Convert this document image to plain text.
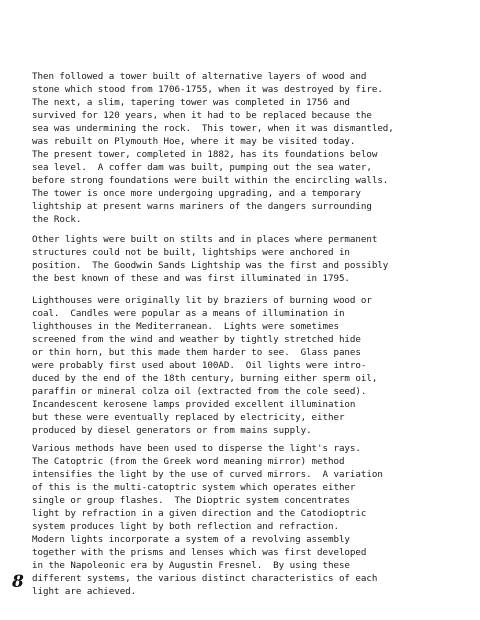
Then followed a tower built of alternative layers of wood and
stone which stood from 1706-1755, when it was destroyed by fire.
The next, a slim, tapering tower was completed in 1756 and
survived for 120 years, when it had to be replaced because the
sea was undermining the rock.  This tower, when it was dismantled,
was rebuilt on Plymouth Hoe, where it may be visited today.
The present tower, completed in 1882, has its foundations below
sea level.  A coffer dam was built, pumping out the sea water,
before strong foundations were built within the encircling walls.
The tower is once more undergoing upgrading, and a temporary
lightship at present warns mariners of the dangers surrounding
the Rock.
Other lights were built on stilts and in places where permanent
structures could not be built, lightships were anchored in
position.  The Goodwin Sands Lightship was the first and possibly
the best known of these and was first illuminated in 1795.
Lighthouses were originally lit by braziers of burning wood or
coal.  Candles were popular as a means of illumination in
lighthouses in the Mediterranean.  Lights were sometimes
screened from the wind and weather by tightly stretched hide
or thin horn, but this made them harder to see.  Glass panes
were probably first used about 100AD.  Oil lights were intro-
duced by the end of the 18th century, burning either sperm oil,
paraffin or mineral colza oil (extracted from the cole seed).
Incandescent kerosene lamps provided excellent illumination
but these were eventually replaced by electricity, either
produced by diesel generators or from mains supply.
Various methods have been used to disperse the light's rays.
The Catoptric (from the Greek word meaning mirror) method
intensifies the light by the use of curved mirrors.  A variation
of this is the multi-catoptric system which operates either
single or group flashes.  The Dioptric system concentrates
light by refraction in a given direction and the Catodioptric
system produces light by both reflection and refraction.
Modern lights incorporate a system of a revolving assembly
together with the prisms and lenses which was first developed
in the Napoleonic era by Augustin Fresnel.  By using these
different systems, the various distinct characteristics of each
light are achieved.
8
